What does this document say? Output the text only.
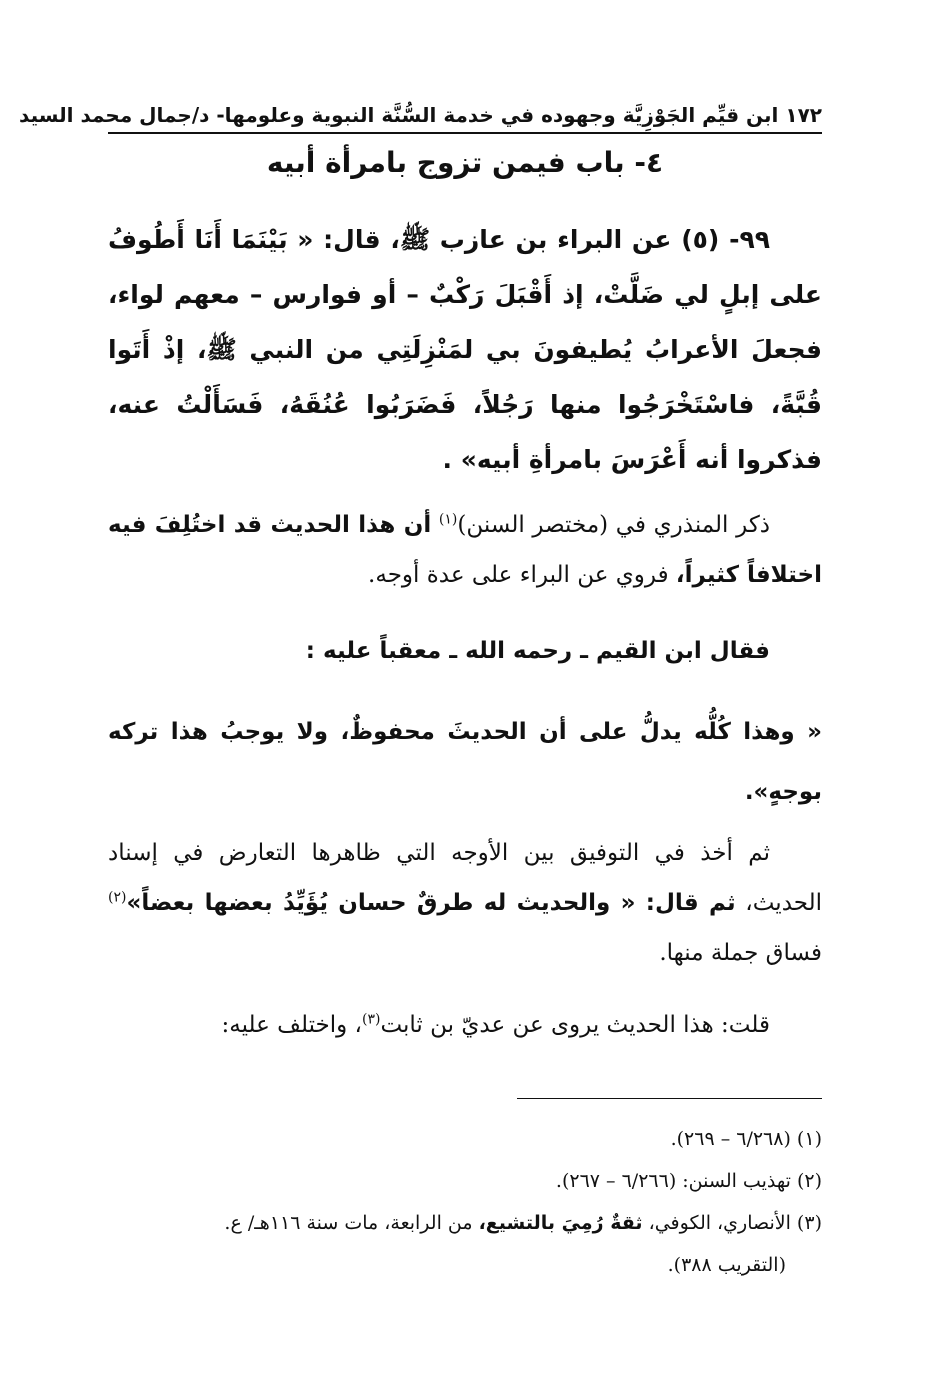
١٧٢ ابن قيِّم الجَوْزِيَّة وجهوده في خدمة السُّنَّة النبوية وعلومها- د/جمال محمد السيد
٤- باب فيمن تزوج بامرأة أبيه
٩٩- (٥) عن البراء بن عازب ﷺ، قال: « بَيْنَمَا أَنَا أَطُوفُ على إبلٍ لي ضَلَّتْ، إذ أَقْبَلَ رَكْبٌ – أو فوارس – معهم لواء، فجعلَ الأعرابُ يُطيفونَ بي لمَنْزِلَتِي من النبي ﷺ، إذْ أَتَوا قُبَّةً، فاسْتَخْرَجُوا منها رَجُلاً، فَضَرَبُوا عُنُقَهُ، فَسَأَلْتُ عنه، فذكروا أنه أَعْرَسَ بامرأةِ أبيه» .
ذكر المنذري في (مختصر السنن)$^{(١)}$ أن هذا الحديث قد اختُلِفَ فيه اختلافاً كثيراً، فروي عن البراء على عدة أوجه.
فقال ابن القيم ـ رحمه الله ـ معقباً عليه :
« وهذا كُلُّه يدلُّ على أن الحديثَ محفوظٌ، ولا يوجبُ هذا تركه بوجهٍ».
ثم أخذ في التوفيق بين الأوجه التي ظاهرها التعارض في إسناد الحديث، ثم قال: « والحديث له طرقٌ حسان يُؤَيِّدُ بعضها بعضاً»$^{(٢)}$ فساق جملة منها.
قلت: هذا الحديث يروى عن عديّ بن ثابت$^{(٣)}$، واختلف عليه:
(١) (٦/٢٦٨ – ٢٦٩).
(٢) تهذيب السنن: (٦/٢٦٦ – ٢٦٧).
(٣) الأنصاري، الكوفي، ثقةٌ رُمِيَ بالتشيع، من الرابعة، مات سنة ١١٦هـ/ ع.
(التقريب ٣٨٨).
